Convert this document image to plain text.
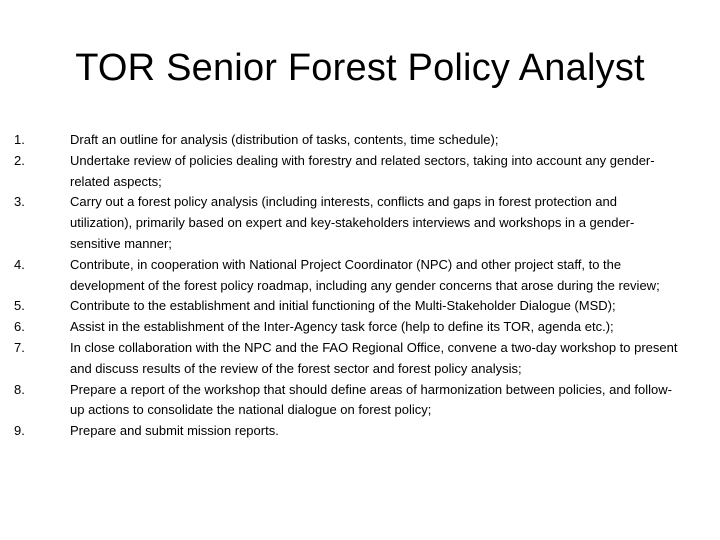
TOR Senior Forest Policy Analyst
1.	Draft an outline for analysis (distribution of tasks, contents, time schedule);
2.	Undertake review of policies dealing with forestry and related sectors, taking into account any gender-related aspects;
3.	Carry out a forest policy analysis (including interests, conflicts and gaps in forest protection and utilization), primarily based on expert and key-stakeholders interviews and workshops in a gender-sensitive manner;
4.	Contribute, in cooperation with National Project Coordinator (NPC) and other project staff, to the development of the forest policy roadmap, including any gender concerns that arose during the review;
5.	Contribute to the establishment and initial functioning of the Multi-Stakeholder Dialogue (MSD);
6.	Assist in the establishment of the Inter-Agency task force (help to define its TOR, agenda etc.);
7.	In close collaboration with the NPC and the FAO Regional Office, convene a two-day workshop to present and discuss results of the review of the forest sector and forest policy analysis;
8.	Prepare a report of the workshop that should define areas of harmonization between policies, and follow-up actions to consolidate the national dialogue on forest policy;
9.	Prepare and submit mission reports.
